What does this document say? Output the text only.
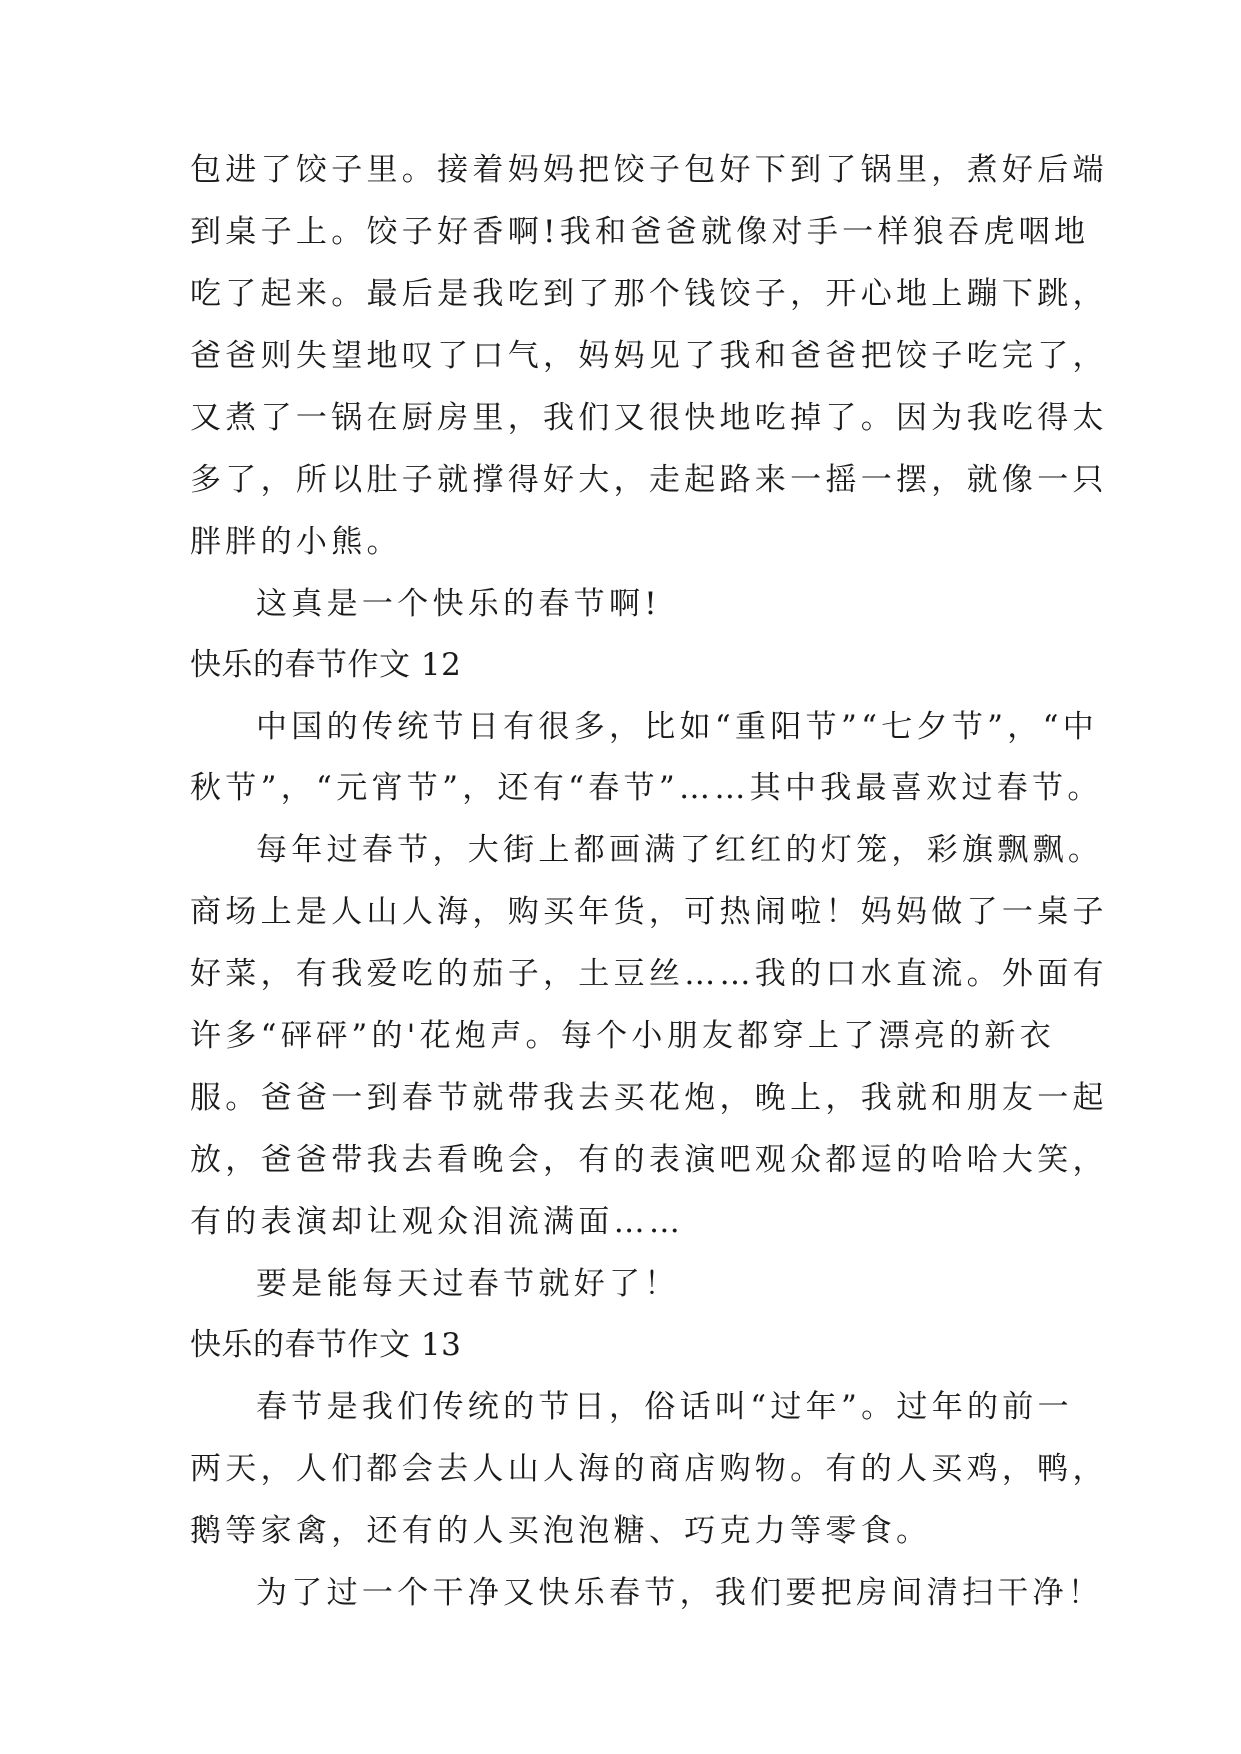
包进了饺子里。接着妈妈把饺子包好下到了锅里，煮好后端
到桌子上。饺子好香啊!我和爸爸就像对手一样狼吞虎咽地
吃了起来。最后是我吃到了那个钱饺子，开心地上蹦下跳，
爸爸则失望地叹了口气，妈妈见了我和爸爸把饺子吃完了，
又煮了一锅在厨房里，我们又很快地吃掉了。因为我吃得太
多了，所以肚子就撑得好大，走起路来一摇一摆，就像一只
胖胖的小熊。
这真是一个快乐的春节啊!
快乐的春节作文 12
中国的传统节日有很多，比如“重阳节”“七夕节”，“中
秋节”，“元宵节”，还有“春节”……其中我最喜欢过春节。
每年过春节，大街上都画满了红红的灯笼，彩旗飘飘。
商场上是人山人海，购买年货，可热闹啦！妈妈做了一桌子
好菜，有我爱吃的茄子，土豆丝……我的口水直流。外面有
许多“砰砰”的'花炮声。每个小朋友都穿上了漂亮的新衣
服。爸爸一到春节就带我去买花炮，晚上，我就和朋友一起
放，爸爸带我去看晚会，有的表演吧观众都逗的哈哈大笑，
有的表演却让观众泪流满面……
要是能每天过春节就好了！
快乐的春节作文 13
春节是我们传统的节日，俗话叫“过年”。过年的前一
两天，人们都会去人山人海的商店购物。有的人买鸡，鸭，
鹅等家禽，还有的人买泡泡糖、巧克力等零食。
为了过一个干净又快乐春节，我们要把房间清扫干净！
